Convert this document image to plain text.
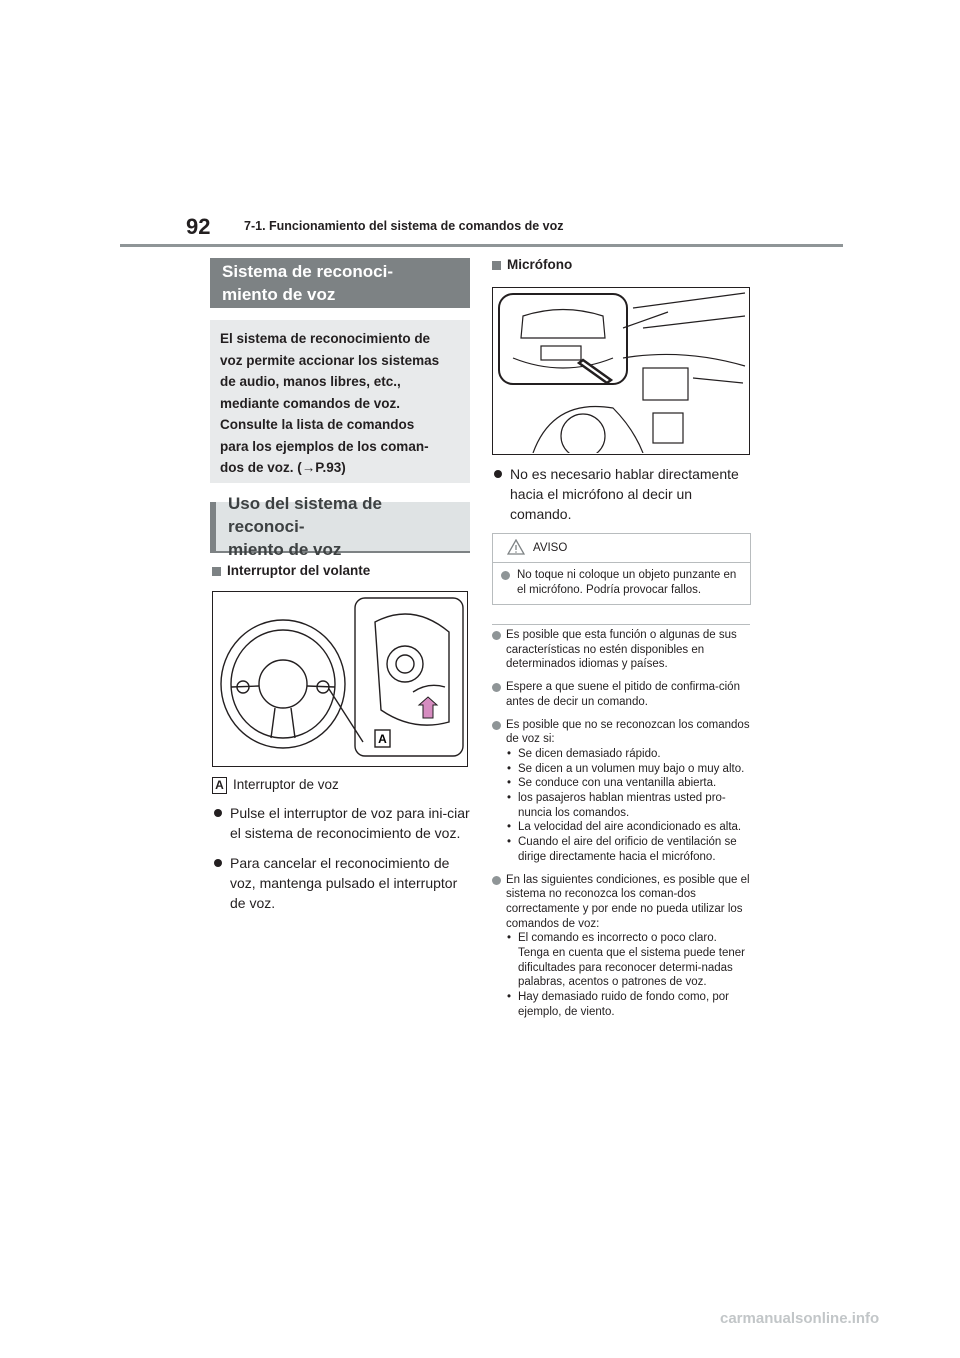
92	7-1. Funcionamiento del sistema de comandos de voz
Sistema de reconoci-
miento de voz
El sistema de reconocimiento de
voz permite accionar los sistemas
de audio, manos libres, etc.,
mediante comandos de voz.
Consulte la lista de comandos
para los ejemplos de los coman-
dos de voz. (→P.93)
Uso del sistema de reconoci-
miento de voz
Interruptor del volante
A
A Interruptor de voz
Pulse el interruptor de voz para ini-ciar el sistema de reconocimiento de voz.
Para cancelar el reconocimiento de voz, mantenga pulsado el interruptor de voz.
Micrófono
No es necesario hablar directamente hacia el micrófono al decir un comando.
AVISO
No toque ni coloque un objeto punzante en el micrófono. Podría provocar fallos.
Es posible que esta función o algunas de sus características no estén disponibles en determinados idiomas y países.
Espere a que suene el pitido de confirma-ción antes de decir un comando.
Es posible que no se reconozcan los comandos de voz si:
• Se dicen demasiado rápido.
• Se dicen a un volumen muy bajo o muy alto.
• Se conduce con una ventanilla abierta.
• los pasajeros hablan mientras usted pro-nuncia los comandos.
• La velocidad del aire acondicionado es alta.
• Cuando el aire del orificio de ventilación se dirige directamente hacia el micrófono.
En las siguientes condiciones, es posible que el sistema no reconozca los coman-dos correctamente y por ende no pueda utilizar los comandos de voz:
• El comando es incorrecto o poco claro. Tenga en cuenta que el sistema puede tener dificultades para reconocer determi-nadas palabras, acentos o patrones de voz.
• Hay demasiado ruido de fondo como, por ejemplo, de viento.
carmanualsonline.info
